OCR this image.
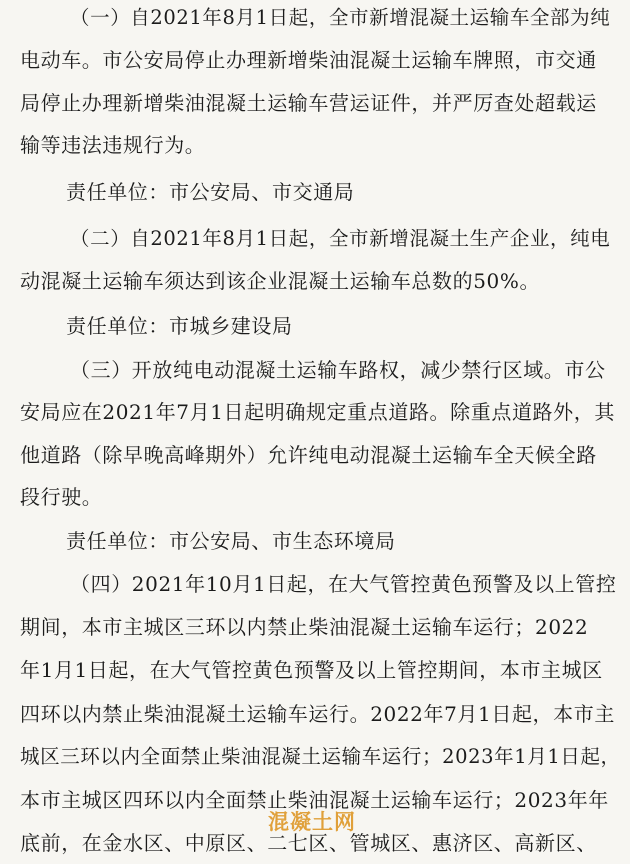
（一）自2021年8月1日起，全市新增混凝土运输车全部为纯
电动车。市公安局停止办理新增柴油混凝土运输车牌照，市交通
局停止办理新增柴油混凝土运输车营运证件，并严厉查处超载运
输等违法违规行为。
责任单位：市公安局、市交通局
（二）自2021年8月1日起，全市新增混凝土生产企业，纯电
动混凝土运输车须达到该企业混凝土运输车总数的50%。
责任单位：市城乡建设局
（三）开放纯电动混凝土运输车路权，减少禁行区域。市公
安局应在2021年7月1日起明确规定重点道路。除重点道路外，其
他道路（除早晚高峰期外）允许纯电动混凝土运输车全天候全路
段行驶。
责任单位：市公安局、市生态环境局
（四）2021年10月1日起，在大气管控黄色预警及以上管控
期间，本市主城区三环以内禁止柴油混凝土运输车运行；2022
年1月1日起，在大气管控黄色预警及以上管控期间，本市主城区
四环以内禁止柴油混凝土运输车运行。2022年7月1日起，本市主
城区三环以内全面禁止柴油混凝土运输车运行；2023年1月1日起，
本市主城区四环以内全面禁止柴油混凝土运输车运行；2023年年
底前，在金水区、中原区、二七区、管城区、惠济区、高新区、
混凝土网
